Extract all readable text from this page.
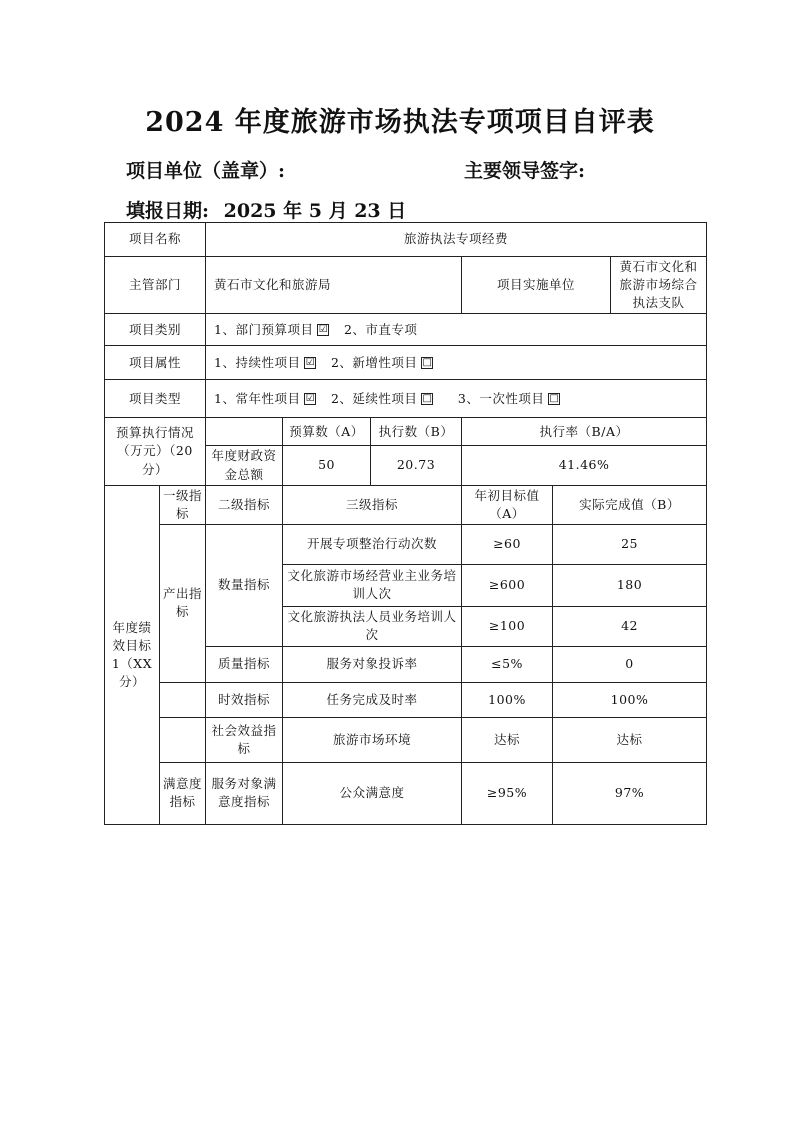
2024 年度旅游市场执法专项项目自评表
项目单位（盖章）:	主要领导签字:
填报日期: 2025 年 5 月 23 日
项目名称		旅游执法专项经费					
主管部门		黄石市文化和旅游局			项目实施单位		黄石市文化和旅游市场综合执法支队
项目类别		1、部门预算项目 ☑ 2、市直专项					
项目属性		1、持续性项目 ☑ 2、新增性项目 □					
项目类型		1、常年性项目 ☑ 2、延续性项目 □ 3、一次性项目 □					
预算执行情况（万元）（20 分）			预算数（A）	执行数（B）	执行率（B/A）		
		年度财政资金总额	50	20.73	41.46%		
年度绩效目标 1（XX 分）	一级指标	二级指标	三级指标		年初目标值（A）	实际完成值（B）	
	产出指标	数量指标	开展专项整治行动次数		≥60	25	
			文化旅游市场经营业主业务培训人次		≥600	180	
			文化旅游执法人员业务培训人次		≥100	42	
		质量指标	服务对象投诉率		≤5%	0	
		时效指标	任务完成及时率		100%	100%	
		社会效益指标	旅游市场环境		达标	达标	
	满意度指标	服务对象满意度指标	公众满意度		≥95%	97%	
